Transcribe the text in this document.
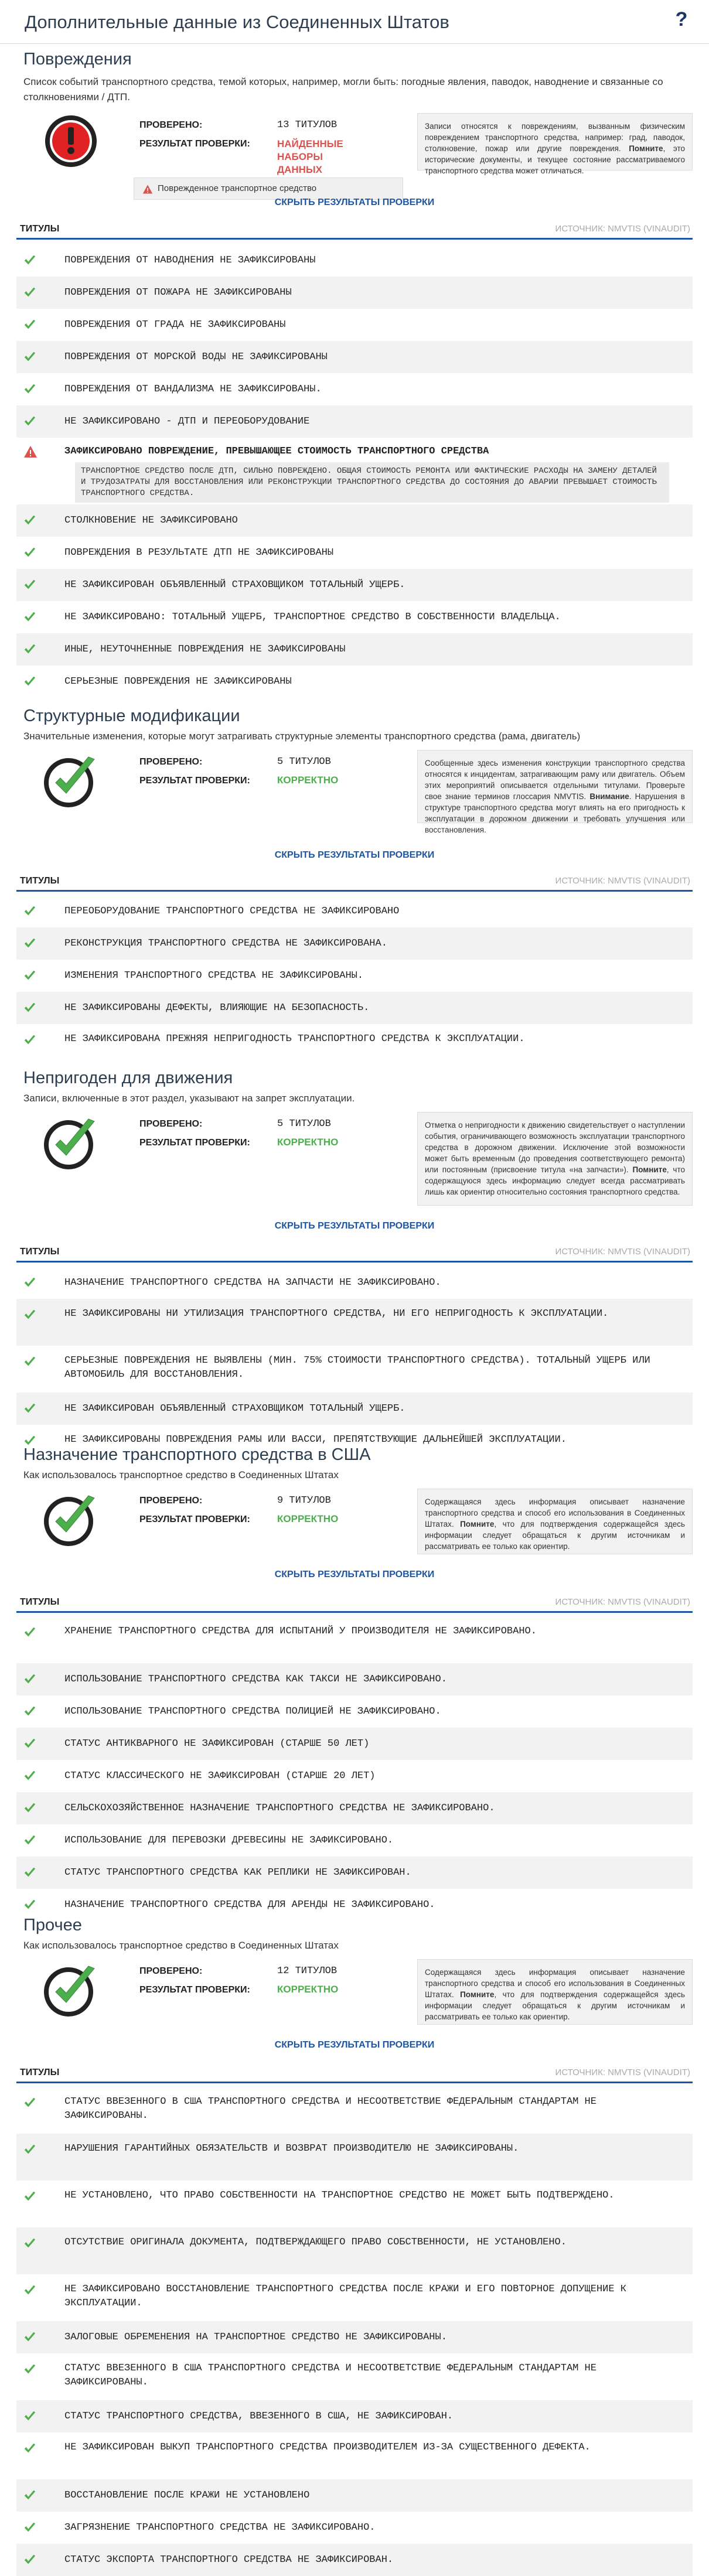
Дополнительные данные из Соединенных Штатов	?
Повреждения
Список событий транспортного средства, темой которых, например, могли быть: погодные явления, паводок, наводнение и связанные со столкновениями / ДТП.
ПРОВЕРЕНО:	13 ТИТУЛОВ
РЕЗУЛЬТАТ ПРОВЕРКИ:	НАЙДЕННЫЕ НАБОРЫ ДАННЫХ
Поврежденное транспортное средство
Записи относятся к повреждениям, вызванным физическим повреждением транспортного средства, например: град, паводок, столкновение, пожар или другие повреждения. Помните, это исторические документы, и текущее состояние рассматриваемого транспортного средства может отличаться.
СКРЫТЬ РЕЗУЛЬТАТЫ ПРОВЕРКИ
ТИТУЛЫ	ИСТОЧНИК: NMVTIS (VINAUDIT)
Структурные модификации
Значительные изменения, которые могут затрагивать структурные элементы транспортного средства (рама, двигатель)
ПРОВЕРЕНО:	5 ТИТУЛОВ
РЕЗУЛЬТАТ ПРОВЕРКИ:	КОРРЕКТНО
Сообщенные здесь изменения конструкции транспортного средства относятся к инцидентам, затрагивающим раму или двигатель. Объем этих мероприятий описывается отдельными титулами. Проверьте свое знание терминов глоссария NMVTIS. Внимание. Нарушения в структуре транспортного средства могут влиять на его пригодность к эксплуатации в дорожном движении и требовать улучшения или восстановления.
СКРЫТЬ РЕЗУЛЬТАТЫ ПРОВЕРКИ
ТИТУЛЫ	ИСТОЧНИК: NMVTIS (VINAUDIT)
Непригоден для движения
Записи, включенные в этот раздел, указывают на запрет эксплуатации.
ПРОВЕРЕНО:	5 ТИТУЛОВ
РЕЗУЛЬТАТ ПРОВЕРКИ:	КОРРЕКТНО
Отметка о непригодности к движению свидетельствует о наступлении события, ограничивающего возможность эксплуатации транспортного средства в дорожном движении. Исключение этой возможности может быть временным (до проведения соответствующего ремонта) или постоянным (присвоение титула «на запчасти»). Помните, что содержащуюся здесь информацию следует всегда рассматривать лишь как ориентир относительно состояния транспортного средства.
СКРЫТЬ РЕЗУЛЬТАТЫ ПРОВЕРКИ
ТИТУЛЫ	ИСТОЧНИК: NMVTIS (VINAUDIT)
Назначение транспортного средства в США
Как использовалось транспортное средство в Соединенных Штатах
ПРОВЕРЕНО:	9 ТИТУЛОВ
РЕЗУЛЬТАТ ПРОВЕРКИ:	КОРРЕКТНО
Содержащаяся здесь информация описывает назначение транспортного средства и способ его использования в Соединенных Штатах. Помните, что для подтверждения содержащейся здесь информации следует обращаться к другим источникам и рассматривать ее только как ориентир.
СКРЫТЬ РЕЗУЛЬТАТЫ ПРОВЕРКИ
ТИТУЛЫ	ИСТОЧНИК: NMVTIS (VINAUDIT)
Прочее
Как использовалось транспортное средство в Соединенных Штатах
ПРОВЕРЕНО:	12 ТИТУЛОВ
РЕЗУЛЬТАТ ПРОВЕРКИ:	КОРРЕКТНО
Содержащаяся здесь информация описывает назначение транспортного средства и способ его использования в Соединенных Штатах. Помните, что для подтверждения содержащейся здесь информации следует обращаться к другим источникам и рассматривать ее только как ориентир.
СКРЫТЬ РЕЗУЛЬТАТЫ ПРОВЕРКИ
ТИТУЛЫ	ИСТОЧНИК: NMVTIS (VINAUDIT)
ПОВРЕЖДЕНИЯ ОТ НАВОДНЕНИЯ НЕ ЗАФИКСИРОВАНЫ
ПОВРЕЖДЕНИЯ ОТ ПОЖАРА НЕ ЗАФИКСИРОВАНЫ
ПОВРЕЖДЕНИЯ ОТ ГРАДА НЕ ЗАФИКСИРОВАНЫ
ПОВРЕЖДЕНИЯ ОТ МОРСКОЙ ВОДЫ НЕ ЗАФИКСИРОВАНЫ
ПОВРЕЖДЕНИЯ ОТ ВАНДАЛИЗМА НЕ ЗАФИКСИРОВАНЫ.
НЕ ЗАФИКСИРОВАНО - ДТП И ПЕРЕОБОРУДОВАНИЕ
ЗАФИКСИРОВАНО ПОВРЕЖДЕНИЕ, ПРЕВЫШАЮЩЕЕ СТОИМОСТЬ ТРАНСПОРТНОГО СРЕДСТВА
ТРАНСПОРТНОЕ СРЕДСТВО ПОСЛЕ ДТП, СИЛЬНО ПОВРЕЖДЕНО. ОБЩАЯ СТОИМОСТЬ РЕМОНТА ИЛИ ФАКТИЧЕСКИЕ РАСХОДЫ НА ЗАМЕНУ ДЕТАЛЕЙ И ТРУДОЗАТРАТЫ ДЛЯ ВОССТАНОВЛЕНИЯ ИЛИ РЕКОНСТРУКЦИИ ТРАНСПОРТНОГО СРЕДСТВА ДО СОСТОЯНИЯ ДО АВАРИИ ПРЕВЫШАЕТ СТОИМОСТЬ ТРАНСПОРТНОГО СРЕДСТВА.
СТОЛКНОВЕНИЕ НЕ ЗАФИКСИРОВАНО
ПОВРЕЖДЕНИЯ В РЕЗУЛЬТАТЕ ДТП НЕ ЗАФИКСИРОВАНЫ
НЕ ЗАФИКСИРОВАН ОБЪЯВЛЕННЫЙ СТРАХОВЩИКОМ ТОТАЛЬНЫЙ УЩЕРБ.
НЕ ЗАФИКСИРОВАНО: ТОТАЛЬНЫЙ УЩЕРБ, ТРАНСПОРТНОЕ СРЕДСТВО В СОБСТВЕННОСТИ ВЛАДЕЛЬЦА.
ИНЫЕ, НЕУТОЧНЕННЫЕ ПОВРЕЖДЕНИЯ НЕ ЗАФИКСИРОВАНЫ
СЕРЬЕЗНЫЕ ПОВРЕЖДЕНИЯ НЕ ЗАФИКСИРОВАНЫ
ПЕРЕОБОРУДОВАНИЕ ТРАНСПОРТНОГО СРЕДСТВА НЕ ЗАФИКСИРОВАНО
РЕКОНСТРУКЦИЯ ТРАНСПОРТНОГО СРЕДСТВА НЕ ЗАФИКСИРОВАНА.
ИЗМЕНЕНИЯ ТРАНСПОРТНОГО СРЕДСТВА НЕ ЗАФИКСИРОВАНЫ.
НЕ ЗАФИКСИРОВАНЫ ДЕФЕКТЫ, ВЛИЯЮЩИЕ НА БЕЗОПАСНОСТЬ.
НЕ ЗАФИКСИРОВАНА ПРЕЖНЯЯ НЕПРИГОДНОСТЬ ТРАНСПОРТНОГО СРЕДСТВА К ЭКСПЛУАТАЦИИ.
НАЗНАЧЕНИЕ ТРАНСПОРТНОГО СРЕДСТВА НА ЗАПЧАСТИ НЕ ЗАФИКСИРОВАНО.
НЕ ЗАФИКСИРОВАНЫ НИ УТИЛИЗАЦИЯ ТРАНСПОРТНОГО СРЕДСТВА, НИ ЕГО НЕПРИГОДНОСТЬ К ЭКСПЛУАТАЦИИ.
СЕРЬЕЗНЫЕ ПОВРЕЖДЕНИЯ НЕ ВЫЯВЛЕНЫ (МИН. 75% СТОИМОСТИ ТРАНСПОРТНОГО СРЕДСТВА). ТОТАЛЬНЫЙ УЩЕРБ ИЛИ АВТОМОБИЛЬ ДЛЯ ВОССТАНОВЛЕНИЯ.
НЕ ЗАФИКСИРОВАН ОБЪЯВЛЕННЫЙ СТРАХОВЩИКОМ ТОТАЛЬНЫЙ УЩЕРБ.
НЕ ЗАФИКСИРОВАНЫ ПОВРЕЖДЕНИЯ РАМЫ ИЛИ ВАССИ, ПРЕПЯТСТВУЮЩИЕ ДАЛЬНЕЙШЕЙ ЭКСПЛУАТАЦИИ.
ХРАНЕНИЕ ТРАНСПОРТНОГО СРЕДСТВА ДЛЯ ИСПЫТАНИЙ У ПРОИЗВОДИТЕЛЯ НЕ ЗАФИКСИРОВАНО.
ИСПОЛЬЗОВАНИЕ ТРАНСПОРТНОГО СРЕДСТВА КАК ТАКСИ НЕ ЗАФИКСИРОВАНО.
ИСПОЛЬЗОВАНИЕ ТРАНСПОРТНОГО СРЕДСТВА ПОЛИЦИЕЙ НЕ ЗАФИКСИРОВАНО.
СТАТУС АНТИКВАРНОГО НЕ ЗАФИКСИРОВАН (СТАРШЕ 50 ЛЕТ)
СТАТУС КЛАССИЧЕСКОГО НЕ ЗАФИКСИРОВАН (СТАРШЕ 20 ЛЕТ)
СЕЛЬСКОХОЗЯЙСТВЕННОЕ НАЗНАЧЕНИЕ ТРАНСПОРТНОГО СРЕДСТВА НЕ ЗАФИКСИРОВАНО.
ИСПОЛЬЗОВАНИЕ ДЛЯ ПЕРЕВОЗКИ ДРЕВЕСИНЫ НЕ ЗАФИКСИРОВАНО.
СТАТУС ТРАНСПОРТНОГО СРЕДСТВА КАК РЕПЛИКИ НЕ ЗАФИКСИРОВАН.
НАЗНАЧЕНИЕ ТРАНСПОРТНОГО СРЕДСТВА ДЛЯ АРЕНДЫ НЕ ЗАФИКСИРОВАНО.
СТАТУС ВВЕЗЕННОГО В США ТРАНСПОРТНОГО СРЕДСТВА И НЕСООТВЕТСТВИЕ ФЕДЕРАЛЬНЫМ СТАНДАРТАМ НЕ ЗАФИКСИРОВАНЫ.
НАРУШЕНИЯ ГАРАНТИЙНЫХ ОБЯЗАТЕЛЬСТВ И ВОЗВРАТ ПРОИЗВОДИТЕЛЮ НЕ ЗАФИКСИРОВАНЫ.
НЕ УСТАНОВЛЕНО, ЧТО ПРАВО СОБСТВЕННОСТИ НА ТРАНСПОРТНОЕ СРЕДСТВО НЕ МОЖЕТ БЫТЬ ПОДТВЕРЖДЕНО.
ОТСУТСТВИЕ ОРИГИНАЛА ДОКУМЕНТА, ПОДТВЕРЖДАЮЩЕГО ПРАВО СОБСТВЕННОСТИ, НЕ УСТАНОВЛЕНО.
НЕ ЗАФИКСИРОВАНО ВОССТАНОВЛЕНИЕ ТРАНСПОРТНОГО СРЕДСТВА ПОСЛЕ КРАЖИ И ЕГО ПОВТОРНОЕ ДОПУЩЕНИЕ К ЭКСПЛУАТАЦИИ.
ЗАЛОГОВЫЕ ОБРЕМЕНЕНИЯ НА ТРАНСПОРТНОЕ СРЕДСТВО НЕ ЗАФИКСИРОВАНЫ.
СТАТУС ВВЕЗЕННОГО В США ТРАНСПОРТНОГО СРЕДСТВА И НЕСООТВЕТСТВИЕ ФЕДЕРАЛЬНЫМ СТАНДАРТАМ НЕ ЗАФИКСИРОВАНЫ.
СТАТУС ТРАНСПОРТНОГО СРЕДСТВА, ВВЕЗЕННОГО В США, НЕ ЗАФИКСИРОВАН.
НЕ ЗАФИКСИРОВАН ВЫКУП ТРАНСПОРТНОГО СРЕДСТВА ПРОИЗВОДИТЕЛЕМ ИЗ-ЗА СУЩЕСТВЕННОГО ДЕФЕКТА.
ВОССТАНОВЛЕНИЕ ПОСЛЕ КРАЖИ НЕ УСТАНОВЛЕНО
ЗАГРЯЗНЕНИЕ ТРАНСПОРТНОГО СРЕДСТВА НЕ ЗАФИКСИРОВАНО.
СТАТУС ЭКСПОРТА ТРАНСПОРТНОГО СРЕДСТВА НЕ ЗАФИКСИРОВАН.
